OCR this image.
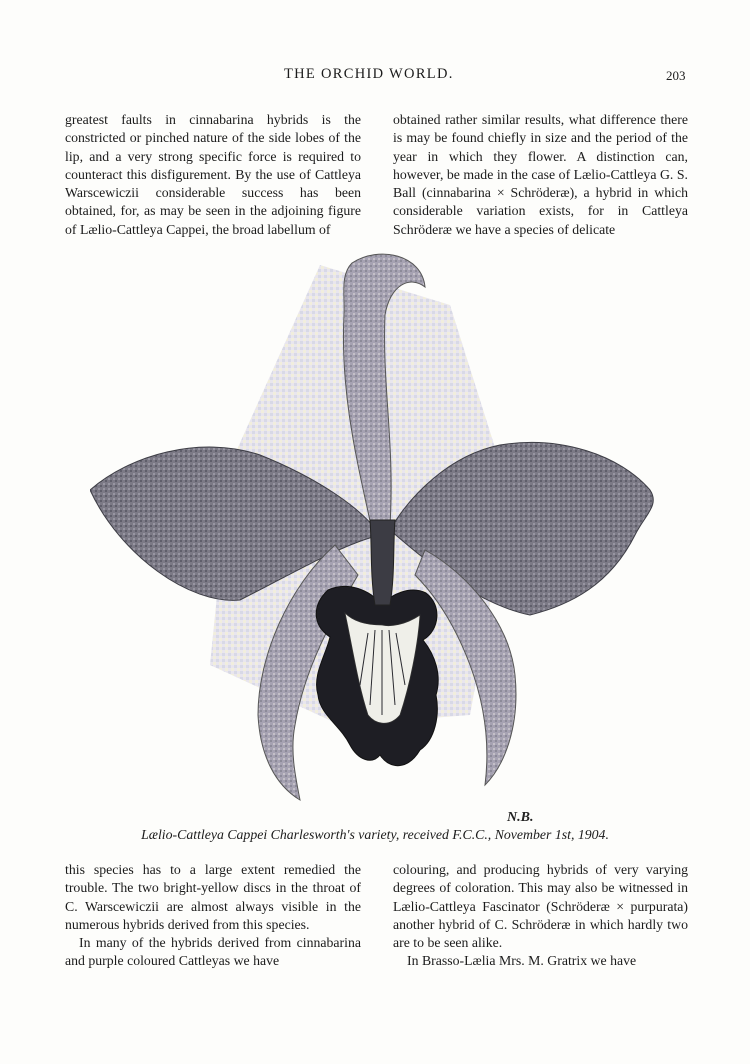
THE ORCHID WORLD.	203

greatest faults in cinnabarina hybrids is the constricted or pinched nature of the side lobes of the lip, and a very strong specific force is required to counteract this disfigurement. By the use of Cattleya Warscewiczii considerable success has been obtained, for, as may be seen in the adjoining figure of Lælio-Cattleya Cappei, the broad labellum of

obtained rather similar results, what difference there is may be found chiefly in size and the period of the year in which they flower. A distinction can, however, be made in the case of Lælio-Cattleya G. S. Ball (cinnabarina × Schröderæ), a hybrid in which considerable variation exists, for in Cattleya Schröderæ we have a species of delicate

N.B.
Lælio-Cattleya Cappei Charlesworth's variety, received F.C.C., November 1st, 1904.

this species has to a large extent remedied the trouble. The two bright-yellow discs in the throat of C. Warscewiczii are almost always visible in the numerous hybrids derived from this species.

In many of the hybrids derived from cinnabarina and purple coloured Cattleyas we have

colouring, and producing hybrids of very varying degrees of coloration. This may also be witnessed in Lælio-Cattleya Fascinator (Schröderæ × purpurata) another hybrid of C. Schröderæ in which hardly two are to be seen alike.

In Brasso-Lælia Mrs. M. Gratrix we have
